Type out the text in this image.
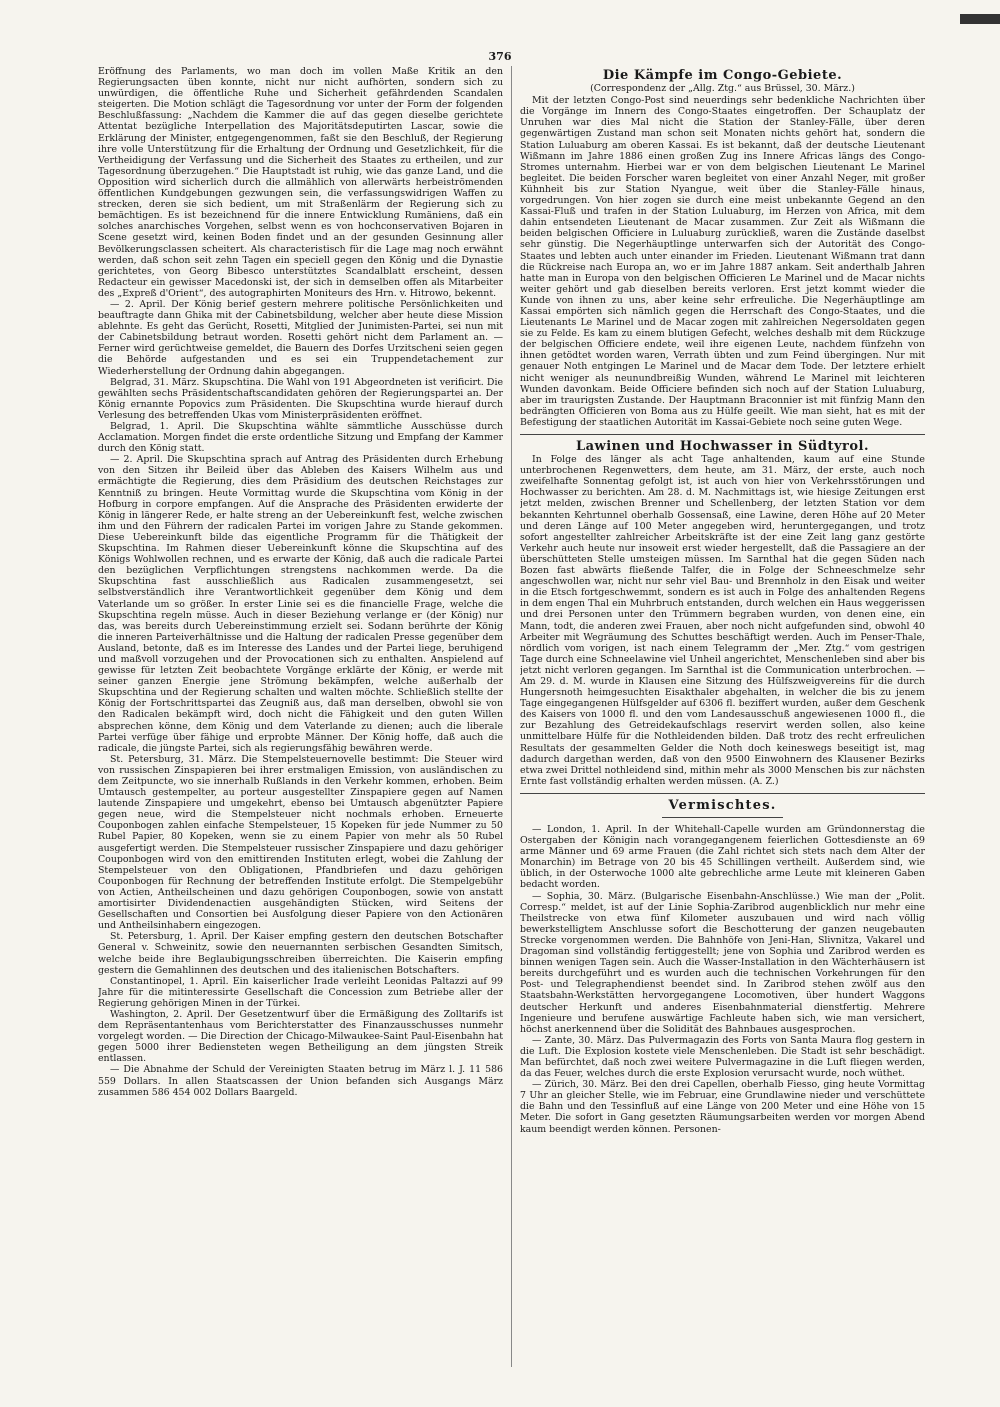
376

Eröffnung des Parlaments, wo man doch im vollen Maße Kritik an den Regierungsacten üben konnte, nicht nur nicht aufhörten, sondern sich zu unwürdigen, die öffentliche Ruhe und Sicherheit gefährdenden Scandalen steigerten. Die Motion schlägt die Tagesordnung vor unter der Form der folgenden Beschlußfassung: „Nachdem die Kammer die auf das gegen dieselbe gerichtete Attentat bezügliche Interpellation des Majoritätsdeputirten Lascar, sowie die Erklärung der Minister, entgegengenommen, faßt sie den Beschluß, der Regierung ihre volle Unterstützung für die Erhaltung der Ordnung und Gesetzlichkeit, für die Vertheidigung der Verfassung und die Sicherheit des Staates zu ertheilen, und zur Tagesordnung überzugehen.“ Die Hauptstadt ist ruhig, wie das ganze Land, und die Opposition wird sicherlich durch die allmählich von allerwärts herbeiströmenden öffentlichen Kundgebungen gezwungen sein, die verfassungswidrigen Waffen zu strecken, deren sie sich bedient, um mit Straßenlärm der Regierung sich zu bemächtigen. Es ist bezeichnend für die innere Entwicklung Rumäniens, daß ein solches anarchisches Vorgehen, selbst wenn es von hochconservativen Bojaren in Scene gesetzt wird, keinen Boden findet und an der gesunden Gesinnung aller Bevölkerungsclassen scheitert. Als characteristisch für die Lage mag noch erwähnt werden, daß schon seit zehn Tagen ein speciell gegen den König und die Dynastie gerichtetes, von Georg Bibesco unterstütztes Scandalblatt erscheint, dessen Redacteur ein gewisser Macedonski ist, der sich in demselben offen als Mitarbeiter des „Expreß d'Orient“, des autographirten Moniteurs des Hrn. v. Hitrowo, bekennt.

— 2. April. Der König berief gestern mehrere politische Persönlichkeiten und beauftragte dann Ghika mit der Cabinetsbildung, welcher aber heute diese Mission ablehnte. Es geht das Gerücht, Rosetti, Mitglied der Junimisten-Partei, sei nun mit der Cabinetsbildung betraut worden. Rosetti gehört nicht dem Parlament an. — Ferner wird gerüchtweise gemeldet, die Bauern des Dorfes Urzitscheni seien gegen die Behörde aufgestanden und es sei ein Truppendetachement zur Wiederherstellung der Ordnung dahin abgegangen.

Belgrad, 31. März. Skupschtina. Die Wahl von 191 Abgeordneten ist verificirt. Die gewählten sechs Präsidentschaftscandidaten gehören der Regierungspartei an. Der König ernannte Popovics zum Präsidenten. Die Skupschtina wurde hierauf durch Verlesung des betreffenden Ukas vom Ministerpräsidenten eröffnet.

Belgrad, 1. April. Die Skupschtina wählte sämmtliche Ausschüsse durch Acclamation. Morgen findet die erste ordentliche Sitzung und Empfang der Kammer durch den König statt.

— 2. April. Die Skupschtina sprach auf Antrag des Präsidenten durch Erhebung von den Sitzen ihr Beileid über das Ableben des Kaisers Wilhelm aus und ermächtigte die Regierung, dies dem Präsidium des deutschen Reichstages zur Kenntniß zu bringen. Heute Vormittag wurde die Skupschtina vom König in der Hofburg in corpore empfangen. Auf die Ansprache des Präsidenten erwiderte der König in längerer Rede, er halte streng an der Uebereinkunft fest, welche zwischen ihm und den Führern der radicalen Partei im vorigen Jahre zu Stande gekommen. Diese Uebereinkunft bilde das eigentliche Programm für die Thätigkeit der Skupschtina. Im Rahmen dieser Uebereinkunft könne die Skupschtina auf des Königs Wohlwollen rechnen, und es erwarte der König, daß auch die radicale Partei den bezüglichen Verpflichtungen strengstens nachkommen werde. Da die Skupschtina fast ausschließlich aus Radicalen zusammengesetzt, sei selbstverständlich ihre Verantwortlichkeit gegenüber dem König und dem Vaterlande um so größer. In erster Linie sei es die financielle Frage, welche die Skupschtina regeln müsse. Auch in dieser Beziehung verlange er (der König) nur das, was bereits durch Uebereinstimmung erzielt sei. Sodann berührte der König die inneren Parteiverhältnisse und die Haltung der radicalen Presse gegenüber dem Ausland, betonte, daß es im Interesse des Landes und der Partei liege, beruhigend und maßvoll vorzugehen und der Provocationen sich zu enthalten. Anspielend auf gewisse für letzten Zeit beobachtete Vorgänge erklärte der König, er werde mit seiner ganzen Energie jene Strömung bekämpfen, welche außerhalb der Skupschtina und der Regierung schalten und walten möchte. Schließlich stellte der König der Fortschrittspartei das Zeugniß aus, daß man derselben, obwohl sie von den Radicalen bekämpft wird, doch nicht die Fähigkeit und den guten Willen absprechen könne, dem König und dem Vaterlande zu dienen; auch die liberale Partei verfüge über fähige und erprobte Männer. Der König hoffe, daß auch die radicale, die jüngste Partei, sich als regierungsfähig bewähren werde.

St. Petersburg, 31. März. Die Stempelsteuernovelle bestimmt: Die Steuer wird von russischen Zinspapieren bei ihrer erstmaligen Emission, von ausländischen zu dem Zeitpuncte, wo sie innerhalb Rußlands in den Verkehr kommen, erhoben. Beim Umtausch gestempelter, au porteur ausgestellter Zinspapiere gegen auf Namen lautende Zinspapiere und umgekehrt, ebenso bei Umtausch abgenützter Papiere gegen neue, wird die Stempelsteuer nicht nochmals erhoben. Erneuerte Couponbogen zahlen einfache Stempelsteuer, 15 Kopeken für jede Nummer zu 50 Rubel Papier, 80 Kopeken, wenn sie zu einem Papier von mehr als 50 Rubel ausgefertigt werden. Die Stempelsteuer russischer Zinspapiere und dazu gehöriger Couponbogen wird von den emittirenden Instituten erlegt, wobei die Zahlung der Stempelsteuer von den Obligationen, Pfandbriefen und dazu gehörigen Couponbogen für Rechnung der betreffenden Institute erfolgt. Die Stempelgebühr von Actien, Antheilscheinen und dazu gehörigen Couponbogen, sowie von anstatt amortisirter Dividendenactien ausgehändigten Stücken, wird Seitens der Gesellschaften und Consortien bei Ausfolgung dieser Papiere von den Actionären und Antheilsinhabern eingezogen.

St. Petersburg, 1. April. Der Kaiser empfing gestern den deutschen Botschafter General v. Schweinitz, sowie den neuernannten serbischen Gesandten Simitsch, welche beide ihre Beglaubigungsschreiben überreichten. Die Kaiserin empfing gestern die Gemahlinnen des deutschen und des italienischen Botschafters.

Constantinopel, 1. April. Ein kaiserlicher Irade verleiht Leonidas Paltazzi auf 99 Jahre für die mitinteressirte Gesellschaft die Concession zum Betriebe aller der Regierung gehörigen Minen in der Türkei.

Washington, 2. April. Der Gesetzentwurf über die Ermäßigung des Zolltarifs ist dem Repräsentantenhaus vom Berichterstatter des Finanzausschusses nunmehr vorgelegt worden. — Die Direction der Chicago-Milwaukee-Saint Paul-Eisenbahn hat gegen 5000 ihrer Bediensteten wegen Betheiligung an dem jüngsten Streik entlassen.

— Die Abnahme der Schuld der Vereinigten Staaten betrug im März l. J. 11 586 559 Dollars. In allen Staatscassen der Union befanden sich Ausgangs März zusammen 586 454 002 Dollars Baargeld.

Die Kämpfe im Congo-Gebiete.
(Correspondenz der „Allg. Ztg.“ aus Brüssel, 30. März.)

Mit der letzten Congo-Post sind neuerdings sehr bedenkliche Nachrichten über die Vorgänge im Innern des Congo-Staates eingetroffen. Der Schauplatz der Unruhen war dies Mal nicht die Station der Stanley-Fälle, über deren gegenwärtigen Zustand man schon seit Monaten nichts gehört hat, sondern die Station Luluaburg am oberen Kassai. Es ist bekannt, daß der deutsche Lieutenant Wißmann im Jahre 1886 einen großen Zug ins Innere Africas längs des Congo-Stromes unternahm. Hierbei war er von dem belgischen Lieutenant Le Marinel begleitet. Die beiden Forscher waren begleitet von einer Anzahl Neger, mit großer Kühnheit bis zur Station Nyangue, weit über die Stanley-Fälle hinaus, vorgedrungen. Von hier zogen sie durch eine meist unbekannte Gegend an den Kassai-Fluß und trafen in der Station Luluaburg, im Herzen von Africa, mit dem dahin entsendeten Lieutenant de Macar zusammen. Zur Zeit als Wißmann die beiden belgischen Officiere in Luluaburg zurückließ, waren die Zustände daselbst sehr günstig. Die Negerhäuptlinge unterwarfen sich der Autorität des Congo-Staates und lebten auch unter einander im Frieden. Lieutenant Wißmann trat dann die Rückreise nach Europa an, wo er im Jahre 1887 ankam. Seit anderthalb Jahren hatte man in Europa von den belgischen Officieren Le Marinel und de Macar nichts weiter gehört und gab dieselben bereits verloren. Erst jetzt kommt wieder die Kunde von ihnen zu uns, aber keine sehr erfreuliche. Die Negerhäuptlinge am Kassai empörten sich nämlich gegen die Herrschaft des Congo-Staates, und die Lieutenants Le Marinel und de Macar zogen mit zahlreichen Negersoldaten gegen sie zu Felde. Es kam zu einem blutigen Gefecht, welches deshalb mit dem Rückzuge der belgischen Officiere endete, weil ihre eigenen Leute, nachdem fünfzehn von ihnen getödtet worden waren, Verrath übten und zum Feind übergingen. Nur mit genauer Noth entgingen Le Marinel und de Macar dem Tode. Der letztere erhielt nicht weniger als neunundbreißig Wunden, während Le Marinel mit leichteren Wunden davonkam. Beide Officiere befinden sich noch auf der Station Luluaburg, aber im traurigsten Zustande. Der Hauptmann Braconnier ist mit fünfzig Mann den bedrängten Officieren von Boma aus zu Hülfe geeilt. Wie man sieht, hat es mit der Befestigung der staatlichen Autorität im Kassai-Gebiete noch seine guten Wege.

Lawinen und Hochwasser in Südtyrol.

In Folge des länger als acht Tage anhaltenden, kaum auf eine Stunde unterbrochenen Regenwetters, dem heute, am 31. März, der erste, auch noch zweifelhafte Sonnentag gefolgt ist, ist auch von hier von Verkehrsstörungen und Hochwasser zu berichten. Am 28. d. M. Nachmittags ist, wie hiesige Zeitungen erst jetzt melden, zwischen Brenner und Schellenberg, der letzten Station vor dem bekannten Kehrtunnel oberhalb Gossensaß, eine Lawine, deren Höhe auf 20 Meter und deren Länge auf 100 Meter angegeben wird, heruntergegangen, und trotz sofort angestellter zahlreicher Arbeitskräfte ist der eine Zeit lang ganz gestörte Verkehr auch heute nur insoweit erst wieder hergestellt, daß die Passagiere an der überschütteten Stelle umsteigen müssen. Im Sarnthal hat die gegen Süden nach Bozen fast abwärts fließende Talfer, die in Folge der Schneeschmelze sehr angeschwollen war, nicht nur sehr viel Bau- und Brennholz in den Eisak und weiter in die Etsch fortgeschwemmt, sondern es ist auch in Folge des anhaltenden Regens in dem engen Thal ein Muhrbruch entstanden, durch welchen ein Haus weggerissen und drei Personen unter den Trümmern begraben wurden, von denen eine, ein Mann, todt, die anderen zwei Frauen, aber noch nicht aufgefunden sind, obwohl 40 Arbeiter mit Wegräumung des Schuttes beschäftigt werden. Auch im Penser-Thale, nördlich vom vorigen, ist nach einem Telegramm der „Mer. Ztg.“ vom gestrigen Tage durch eine Schneelawine viel Unheil angerichtet, Menschenleben sind aber bis jetzt nicht verloren gegangen. Im Sarnthal ist die Communication unterbrochen. — Am 29. d. M. wurde in Klausen eine Sitzung des Hülfszweigvereins für die durch Hungersnoth heimgesuchten Eisakthaler abgehalten, in welcher die bis zu jenem Tage eingegangenen Hülfsgelder auf 6306 fl. beziffert wurden, außer dem Geschenk des Kaisers von 1000 fl. und den vom Landesausschuß angewiesenen 1000 fl., die zur Bezahlung des Getreidekaufschlags reservirt werden sollen, also keine unmittelbare Hülfe für die Nothleidenden bilden. Daß trotz des recht erfreulichen Resultats der gesammelten Gelder die Noth doch keineswegs beseitigt ist, mag dadurch dargethan werden, daß von den 9500 Einwohnern des Klausener Bezirks etwa zwei Drittel nothleidend sind, mithin mehr als 3000 Menschen bis zur nächsten Ernte fast vollständig erhalten werden müssen. (A. Z.)

Vermischtes.

— London, 1. April. In der Whitehall-Capelle wurden am Gründonnerstag die Ostergaben der Königin nach vorangegangenem feierlichen Gottesdienste an 69 arme Männer und 69 arme Frauen (die Zahl richtet sich stets nach dem Alter der Monarchin) im Betrage von 20 bis 45 Schillingen vertheilt. Außerdem sind, wie üblich, in der Osterwoche 1000 alte gebrechliche arme Leute mit kleineren Gaben bedacht worden.

— Sophia, 30. März. (Bulgarische Eisenbahn-Anschlüsse.) Wie man der „Polit. Corresp.“ meldet, ist auf der Linie Sophia-Zaribrod augenblicklich nur mehr eine Theilstrecke von etwa fünf Kilometer auszubauen und wird nach völlig bewerkstelligtem Anschlusse sofort die Beschotterung der ganzen neugebauten Strecke vorgenommen werden. Die Bahnhöfe von Jeni-Han, Slivnitza, Vakarel und Dragoman sind vollständig fertiggestellt; jene von Sophia und Zaribrod werden es binnen wenigen Tagen sein. Auch die Wasser-Installation in den Wächterhäusern ist bereits durchgeführt und es wurden auch die technischen Vorkehrungen für den Post- und Telegraphendienst beendet sind. In Zaribrod stehen zwölf aus den Staatsbahn-Werkstätten hervorgegangene Locomotiven, über hundert Waggons deutscher Herkunft und anderes Eisenbahnmaterial dienstfertig. Mehrere Ingenieure und berufene auswärtige Fachleute haben sich, wie man versichert, höchst anerkennend über die Solidität des Bahnbaues ausgesprochen.

— Zante, 30. März. Das Pulvermagazin des Forts von Santa Maura flog gestern in die Luft. Die Explosion kostete viele Menschenleben. Die Stadt ist sehr beschädigt. Man befürchtet, daß noch zwei weitere Pulvermagazine in die Luft fliegen werden, da das Feuer, welches durch die erste Explosion verursacht wurde, noch wüthet.

— Zürich, 30. März. Bei den drei Capellen, oberhalb Fiesso, ging heute Vormittag 7 Uhr an gleicher Stelle, wie im Februar, eine Grundlawine nieder und verschüttete die Bahn und den Tessinfluß auf eine Länge von 200 Meter und eine Höhe von 15 Meter. Die sofort in Gang gesetzten Räumungsarbeiten werden vor morgen Abend kaum beendigt werden können. Personen-
